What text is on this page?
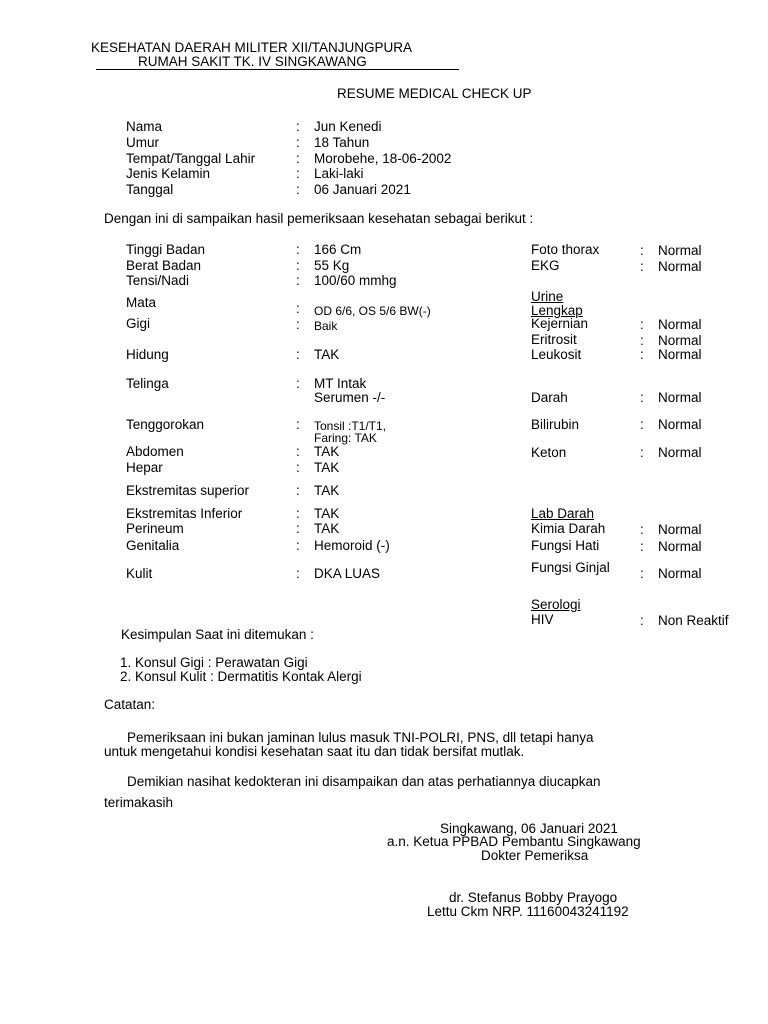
KESEHATAN DAERAH MILITER XII/TANJUNGPURA
RUMAH SAKIT TK. IV SINGKAWANG
RESUME MEDICAL CHECK UP
Nama	: Jun Kenedi
Umur	: 18 Tahun
Tempat/Tanggal Lahir	: Morobehe, 18-06-2002
Jenis Kelamin	: Laki-laki
Tanggal	: 06 Januari 2021
Dengan ini di sampaikan hasil pemeriksaan kesehatan sebagai berikut :
Tinggi Badan	: 166 Cm
Berat Badan	: 55 Kg
Tensi/Nadi	: 100/60 mmhg
Mata	: OD 6/6, OS 5/6 BW(-)
Gigi	: Baik
Hidung	: TAK
Telinga	: MT Intak
Serumen -/-
Tenggorokan	: Tonsil :T1/T1,
Faring: TAK
Abdomen	: TAK
Hepar	: TAK
Ekstremitas superior	: TAK
Ekstremitas Inferior	: TAK
Perineum	: TAK
Genitalia	: Hemoroid (-)
Kulit	: DKA LUAS
Foto thorax	: Normal
EKG	: Normal
Urine
Lengkap
Kejernian	: Normal
Eritrosit	: Normal
Leukosit	: Normal
Darah	: Normal
Bilirubin	: Normal
Keton	: Normal
Lab Darah
Kimia Darah	: Normal
Fungsi Hati	: Normal
Fungsi Ginjal : Normal
Serologi
HIV	: Non Reaktif
Kesimpulan Saat ini ditemukan :
1. Konsul Gigi : Perawatan Gigi
2. Konsul Kulit : Dermatitis Kontak Alergi
Catatan:
Pemeriksaan ini bukan jaminan lulus masuk TNI-POLRI, PNS, dll tetapi hanya
untuk mengetahui kondisi kesehatan saat itu dan tidak bersifat mutlak.
Demikian nasihat kedokteran ini disampaikan dan atas perhatiannya diucapkan
terimakasih
Singkawang, 06 Januari 2021
a.n. Ketua PPBAD Pembantu Singkawang
Dokter Pemeriksa
dr. Stefanus Bobby Prayogo
Lettu Ckm NRP. 11160043241192
